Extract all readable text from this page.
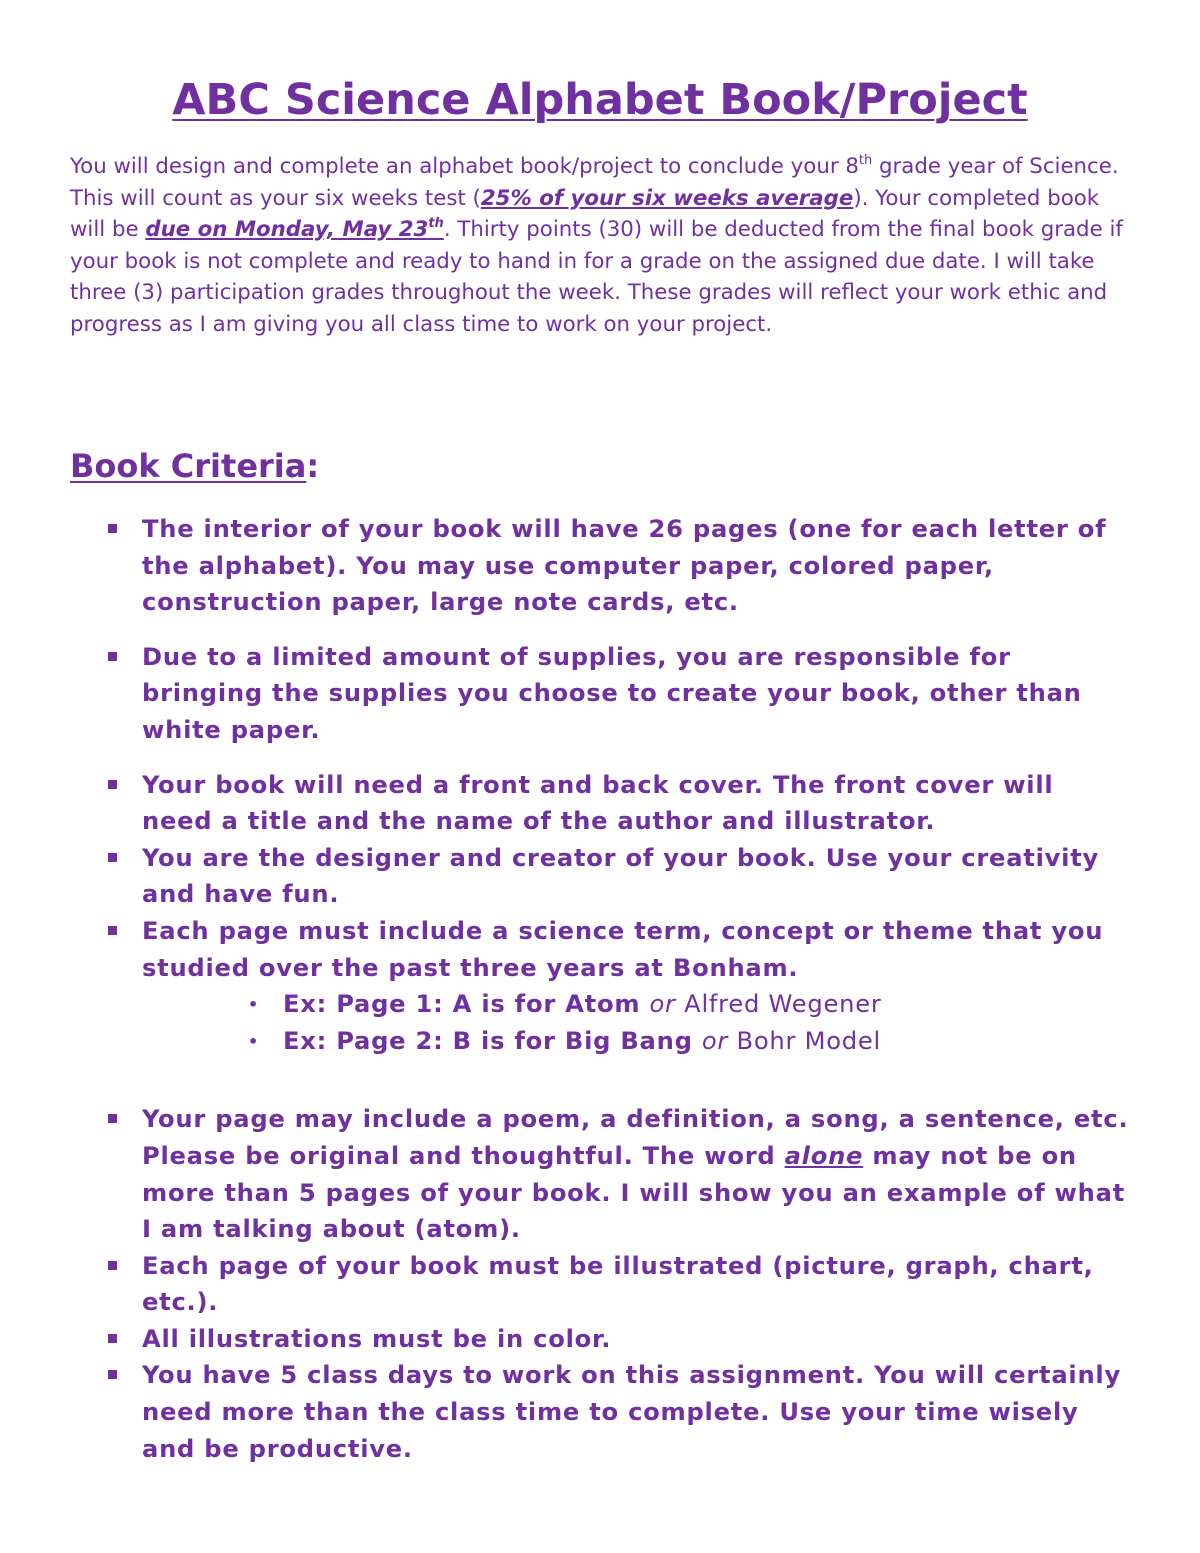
ABC Science Alphabet Book/Project

You will design and complete an alphabet book/project to conclude your 8th grade year of Science. This will count as your six weeks test (25% of your six weeks average). Your completed book will be due on Monday, May 23th. Thirty points (30) will be deducted from the final book grade if your book is not complete and ready to hand in for a grade on the assigned due date. I will take three (3) participation grades throughout the week. These grades will reflect your work ethic and progress as I am giving you all class time to work on your project.

Book Criteria:
The interior of your book will have 26 pages (one for each letter of the alphabet). You may use computer paper, colored paper, construction paper, large note cards, etc.
Due to a limited amount of supplies, you are responsible for bringing the supplies you choose to create your book, other than white paper.
Your book will need a front and back cover. The front cover will need a title and the name of the author and illustrator.
You are the designer and creator of your book. Use your creativity and have fun.
Each page must include a science term, concept or theme that you studied over the past three years at Bonham.
• Ex: Page 1: A is for Atom or Alfred Wegener
• Ex: Page 2: B is for Big Bang or Bohr Model
Your page may include a poem, a definition, a song, a sentence, etc. Please be original and thoughtful. The word alone may not be on more than 5 pages of your book. I will show you an example of what I am talking about (atom).
Each page of your book must be illustrated (picture, graph, chart, etc.).
All illustrations must be in color.
You have 5 class days to work on this assignment. You will certainly need more than the class time to complete. Use your time wisely and be productive.
